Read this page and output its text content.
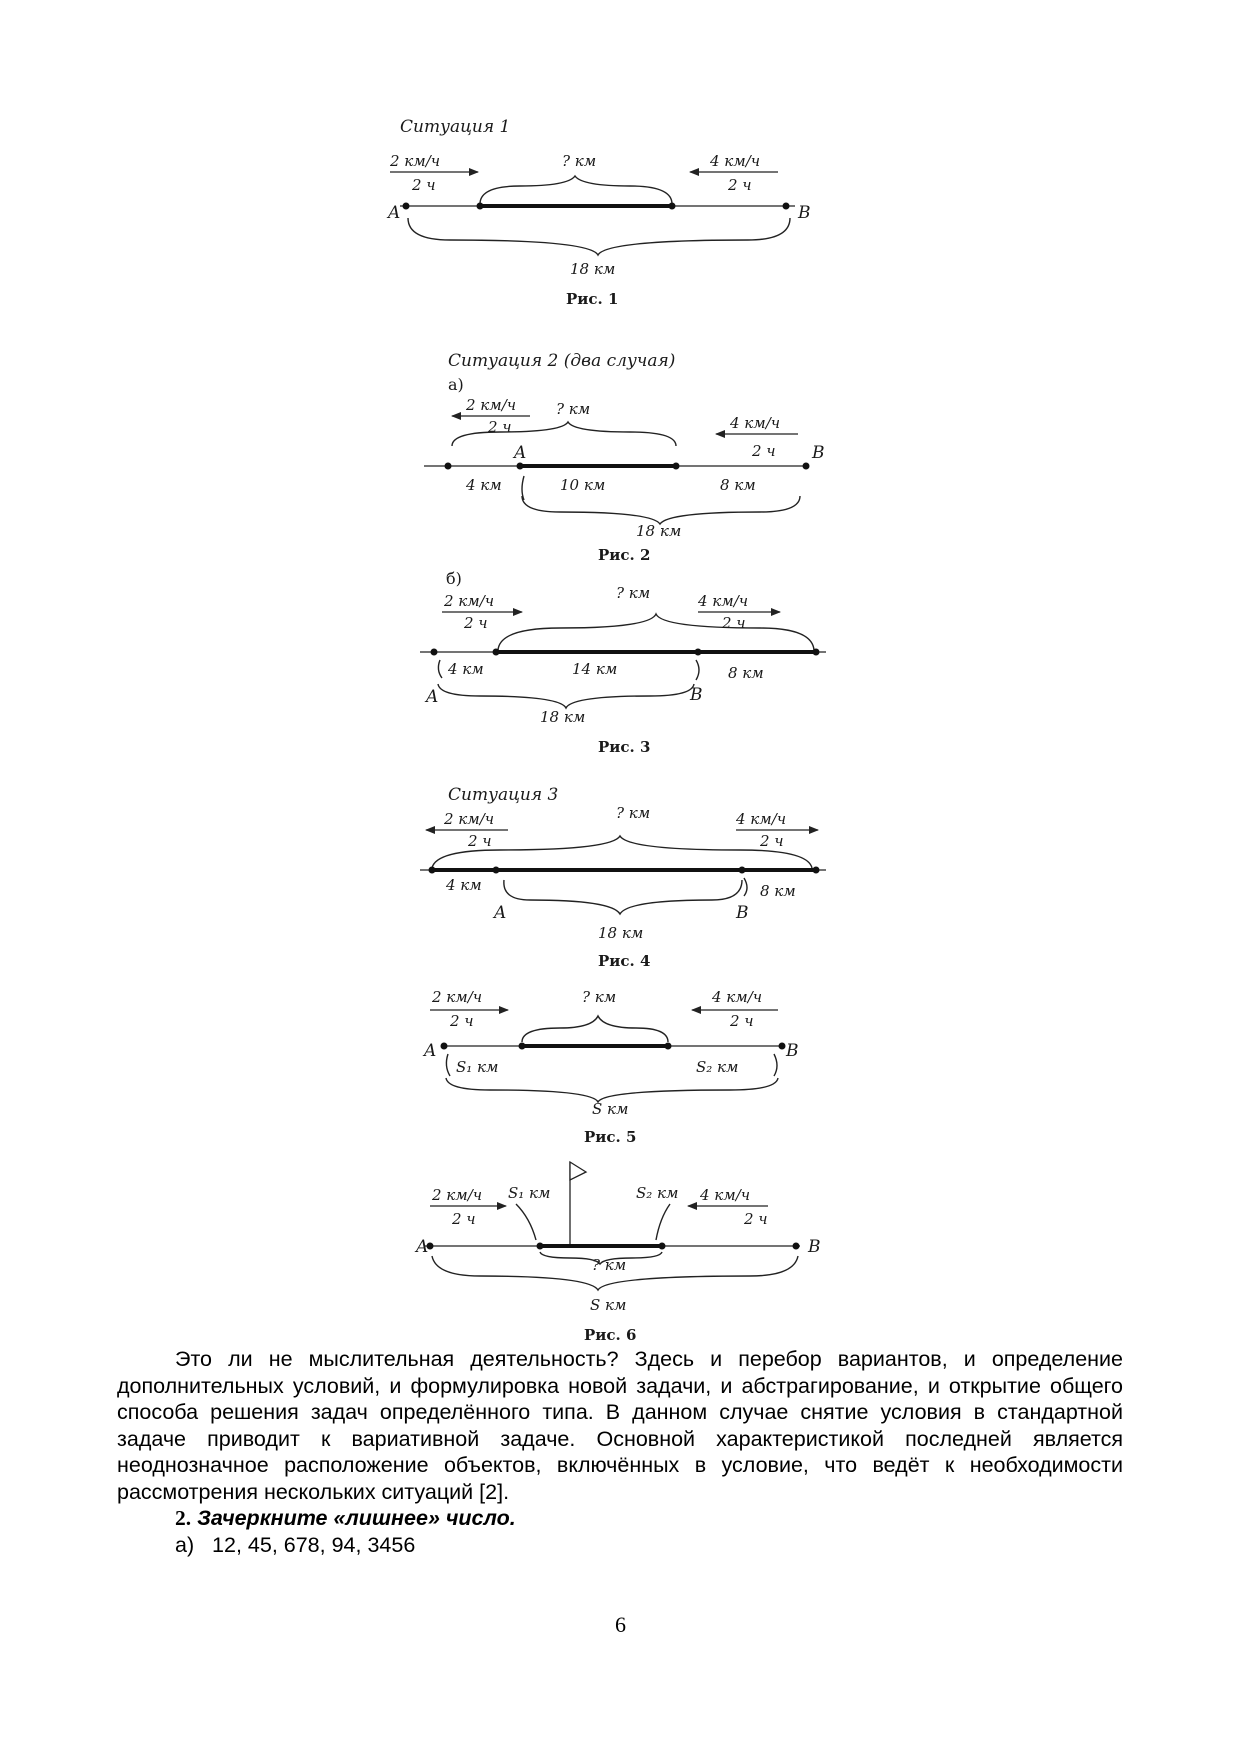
Ситуация 1
2 км/ч
2 ч
? км	4 км/ч
2 ч
A	B
18 км
Рис. 1
Ситуация 2 (два случая)
а)
2 км/ч
2 ч
? км
A
4 км/ч
2 ч B
4 км	10 км	8 км
18 км
Рис. 2
б)
2 км/ч
2 ч
? км	4 км/ч
2 ч
4 км	14 км	8 км
A	B
18 км
Рис. 3
Ситуация 3
? км
2 км/ч
2 ч
4 км/ч
2 ч
4 км	8 км
A	B
18 км
Рис. 4
2 км/ч
2 ч
? км	4 км/ч
2 ч
A	B
S₁ км	S₂ км
S км
Рис. 5
2 км/ч
2 ч
S₁ км	S₂ км 4 км/ч
2 ч
A	B
? км
S км
Рис. 6

Это ли не мыслительная деятельность? Здесь и перебор вариантов, и определение дополнительных условий, и формулировка новой задачи, и абстрагирование, и открытие общего способа решения задач определённого типа. В данном случае снятие условия в стандартной задаче приводит к вариативной задаче. Основной характеристикой последней является неоднозначное расположение объектов, включённых в условие, что ведёт к необходимости рассмотрения нескольких ситуаций [2].

2. Зачеркните «лишнее» число.

а) 12, 45, 678, 94, 3456

6
